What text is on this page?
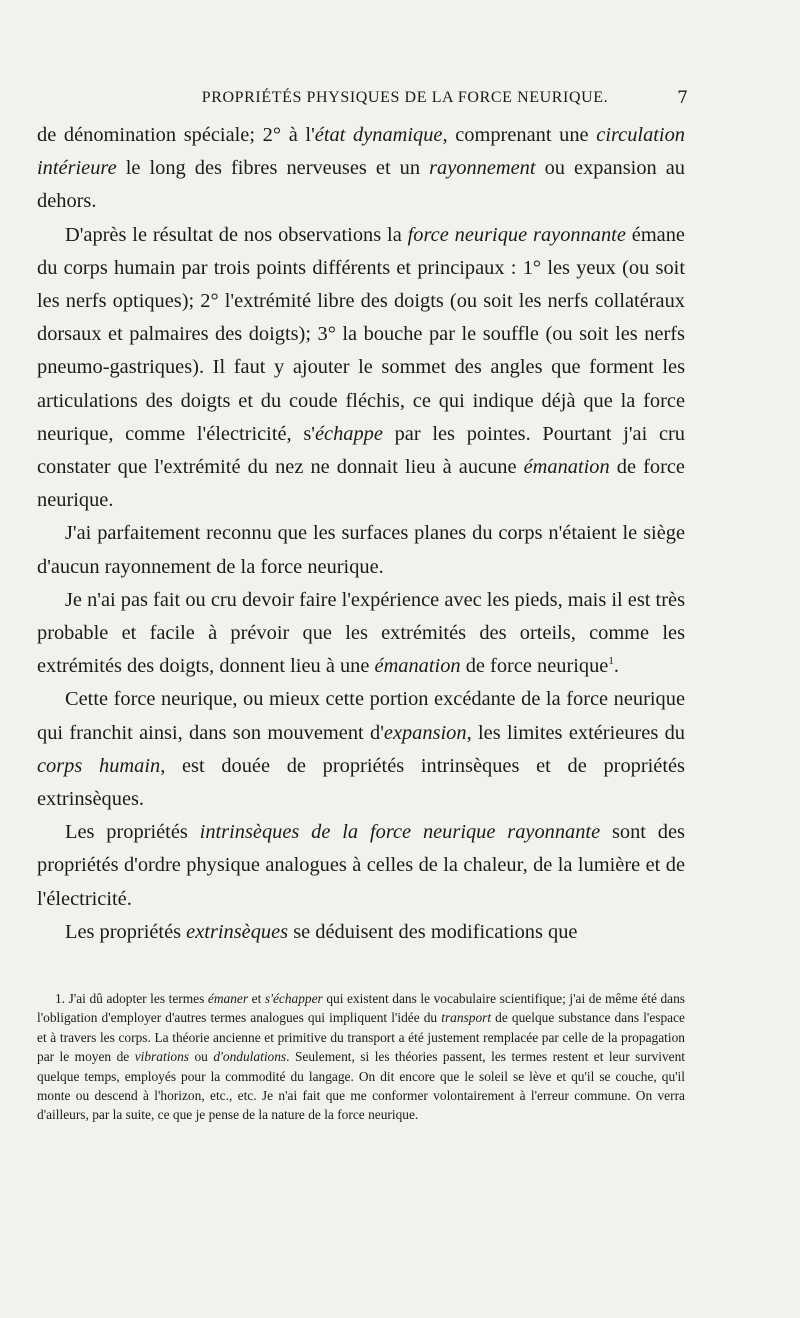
PROPRIÉTÉS PHYSIQUES DE LA FORCE NEURIQUE.	7

de dénomination spéciale; 2° à l'état dynamique, comprenant une circulation intérieure le long des fibres nerveuses et un rayonnement ou expansion au dehors.

D'après le résultat de nos observations la force neurique rayonnante émane du corps humain par trois points différents et principaux : 1° les yeux (ou soit les nerfs optiques); 2° l'extrémité libre des doigts (ou soit les nerfs collatéraux dorsaux et palmaires des doigts); 3° la bouche par le souffle (ou soit les nerfs pneumo-gastriques). Il faut y ajouter le sommet des angles que forment les articulations des doigts et du coude fléchis, ce qui indique déjà que la force neurique, comme l'électricité, s'échappe par les pointes. Pourtant j'ai cru constater que l'extrémité du nez ne donnait lieu à aucune émanation de force neurique.

J'ai parfaitement reconnu que les surfaces planes du corps n'étaient le siège d'aucun rayonnement de la force neurique.

Je n'ai pas fait ou cru devoir faire l'expérience avec les pieds, mais il est très probable et facile à prévoir que les extrémités des orteils, comme les extrémités des doigts, donnent lieu à une émanation de force neurique$^1$.

Cette force neurique, ou mieux cette portion excédante de la force neurique qui franchit ainsi, dans son mouvement d'expansion, les limites extérieures du corps humain, est douée de propriétés intrinsèques et de propriétés extrinsèques.

Les propriétés intrinsèques de la force neurique rayonnante sont des propriétés d'ordre physique analogues à celles de la chaleur, de la lumière et de l'électricité.

Les propriétés extrinsèques se déduisent des modifications que

1. J'ai dû adopter les termes émaner et s'échapper qui existent dans le vocabulaire scientifique; j'ai de même été dans l'obligation d'employer d'autres termes analogues qui impliquent l'idée du transport de quelque substance dans l'espace et à travers les corps. La théorie ancienne et primitive du transport a été justement remplacée par celle de la propagation par le moyen de vibrations ou d'ondulations. Seulement, si les théories passent, les termes restent et leur survivent quelque temps, employés pour la commodité du langage. On dit encore que le soleil se lève et qu'il se couche, qu'il monte ou descend à l'horizon, etc., etc. Je n'ai fait que me conformer volontairement à l'erreur commune. On verra d'ailleurs, par la suite, ce que je pense de la nature de la force neurique.
